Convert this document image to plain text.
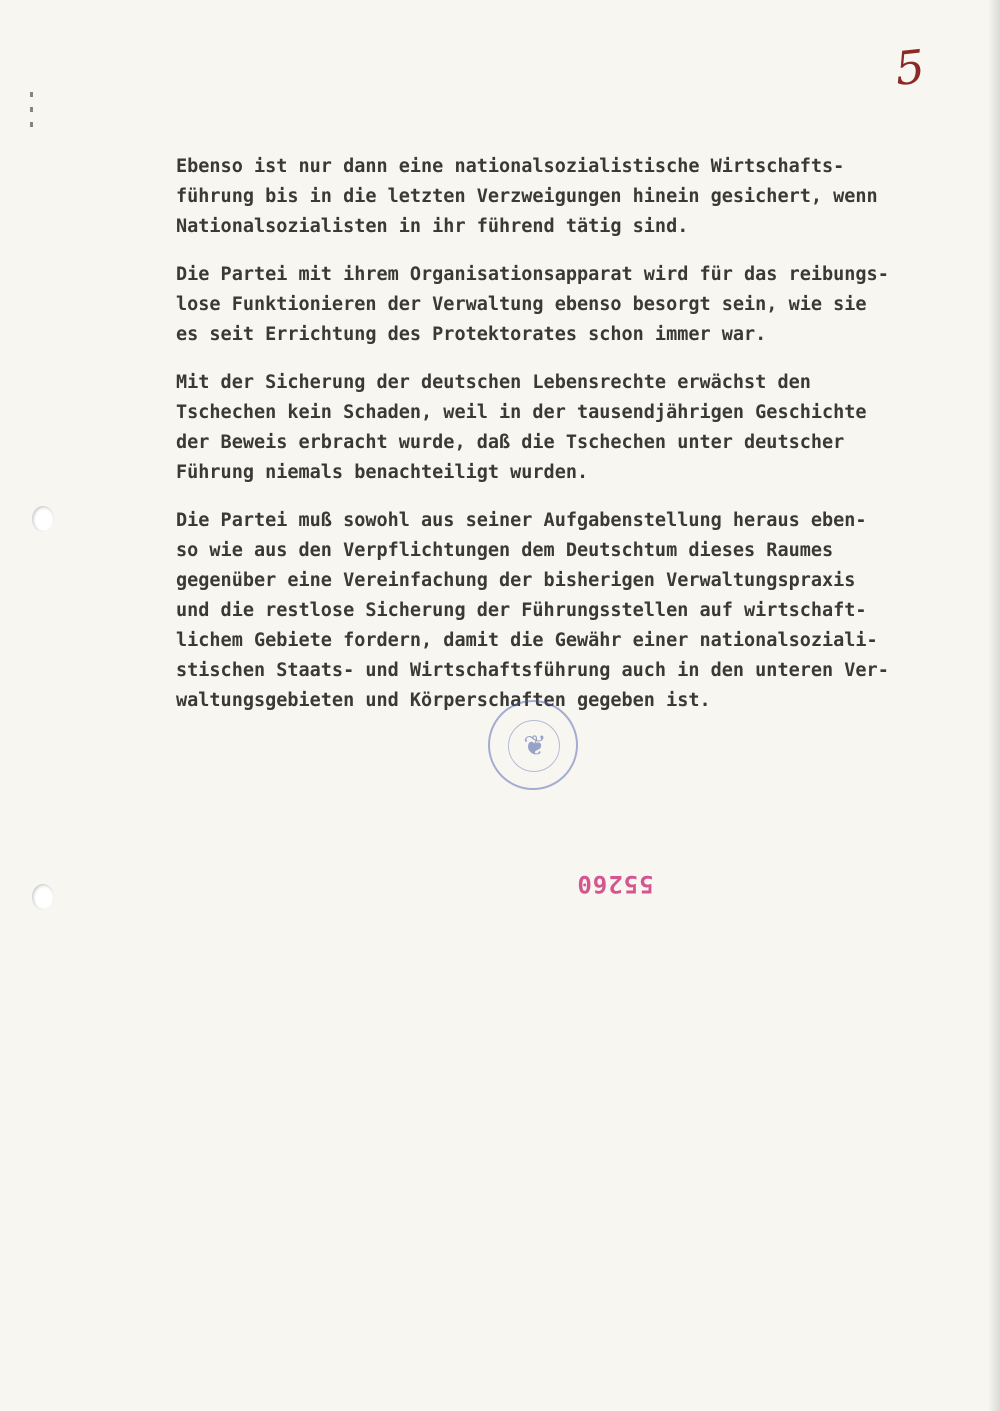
5

Ebenso ist nur dann eine nationalsozialistische Wirtschafts-
führung bis in die letzten Verzweigungen hinein gesichert, wenn
Nationalsozialisten in ihr führend tätig sind.

Die Partei mit ihrem Organisationsapparat wird für das reibungs-
lose Funktionieren der Verwaltung ebenso besorgt sein, wie sie
es seit Errichtung des Protektorates schon immer war.

Mit der Sicherung der deutschen Lebensrechte erwächst den
Tschechen kein Schaden, weil in der tausendjährigen Geschichte
der Beweis erbracht wurde, daß die Tschechen unter deutscher
Führung niemals benachteiligt wurden.

Die Partei muß sowohl aus seiner Aufgabenstellung heraus eben-
so wie aus den Verpflichtungen dem Deutschtum dieses Raumes
gegenüber eine Vereinfachung der bisherigen Verwaltungspraxis
und die restlose Sicherung der Führungsstellen auf wirtschaft-
lichem Gebiete fordern, damit die Gewähr einer nationalsoziali-
stischen Staats- und Wirtschaftsführung auch in den unteren Ver-
waltungsgebieten und Körperschaften gegeben ist.

❦
55260
